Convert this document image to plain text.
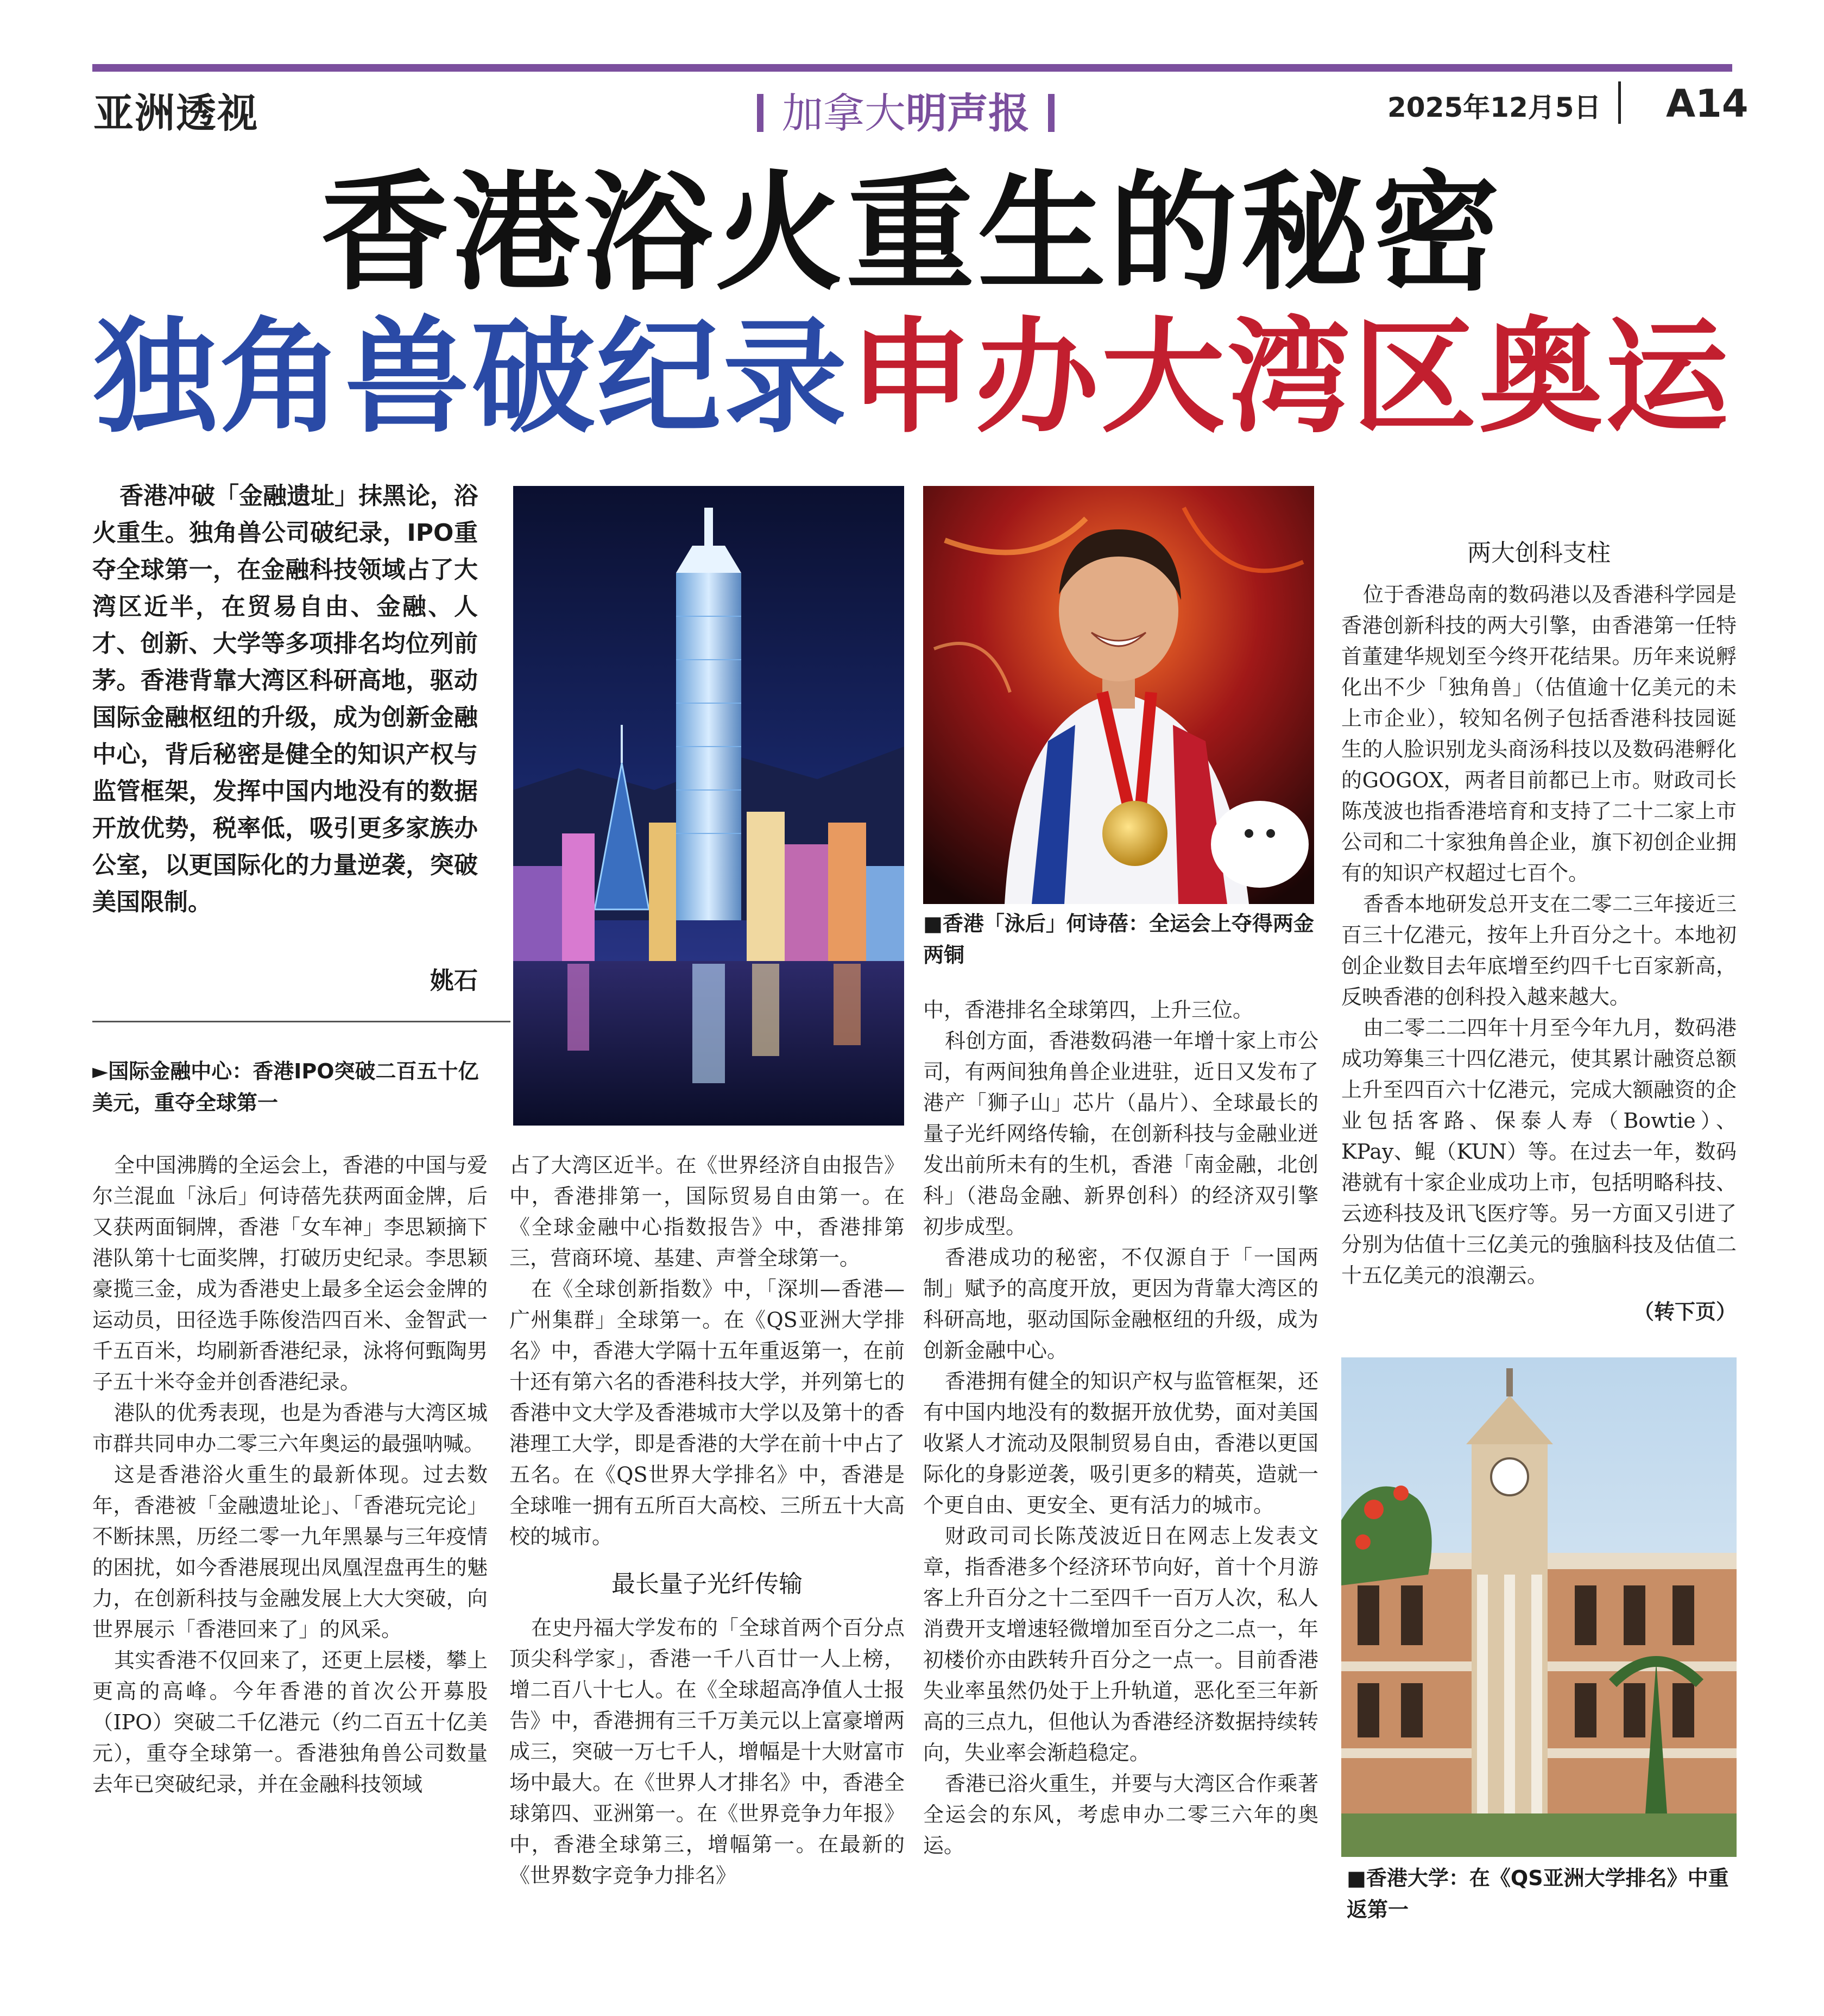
亚洲透视	加拿大明声报	2025年12月5日 A14
香港浴火重生的秘密
独角兽破纪录申办大湾区奥运
香港冲破「金融遗址」抹黑论，浴火重生。独角兽公司破纪录，IPO重夺全球第一，在金融科技领域占了大湾区近半，在贸易自由、金融、人才、创新、大学等多项排名均位列前茅。香港背靠大湾区科研高地，驱动国际金融枢纽的升级，成为创新金融中心，背后秘密是健全的知识产权与监管框架，发挥中国内地没有的数据开放优势，税率低，吸引更多家族办公室，以更国际化的力量逆袭，突破美国限制。
姚石
►国际金融中心：香港IPO突破二百五十亿美元，重夺全球第一
■香港「泳后」何诗蓓：全运会上夺得两金两铜

全中国沸腾的全运会上，香港的中国与爱尔兰混血「泳后」何诗蓓先获两面金牌，后又获两面铜牌，香港「女车神」李思颖摘下港队第十七面奖牌，打破历史纪录。李思颖豪揽三金，成为香港史上最多全运会金牌的运动员，田径选手陈俊浩四百米、金智武一千五百米，均刷新香港纪录，泳将何甄陶男子五十米夺金并创香港纪录。

港队的优秀表现，也是为香港与大湾区城市群共同申办二零三六年奥运的最强呐喊。

这是香港浴火重生的最新体现。过去数年，香港被「金融遗址论」、「香港玩完论」不断抹黑，历经二零一九年黑暴与三年疫情的困扰，如今香港展现出凤凰涅盘再生的魅力，在创新科技与金融发展上大大突破，向世界展示「香港回来了」的风采。

其实香港不仅回来了，还更上层楼，攀上更高的高峰。今年香港的首次公开募股（IPO）突破二千亿港元（约二百五十亿美元），重夺全球第一。香港独角兽公司数量去年已突破纪录，并在金融科技领域

占了大湾区近半。在《世界经济自由报告》中，香港排第一，国际贸易自由第一。在《全球金融中心指数报告》中，香港排第三，营商环境、基建、声誉全球第一。

在《全球创新指数》中，「深圳—香港—广州集群」全球第一。在《QS亚洲大学排名》中，香港大学隔十五年重返第一，在前十还有第六名的香港科技大学，并列第七的香港中文大学及香港城市大学以及第十的香港理工大学，即是香港的大学在前十中占了五名。在《QS世界大学排名》中，香港是全球唯一拥有五所百大高校、三所五十大高校的城市。

最长量子光纤传输

在史丹福大学发布的「全球首两个百分点顶尖科学家」，香港一千八百廿一人上榜，增二百八十七人。在《全球超高净值人士报告》中，香港拥有三千万美元以上富豪增两成三，突破一万七千人，增幅是十大财富市场中最大。在《世界人才排名》中，香港全球第四、亚洲第一。在《世界竞争力年报》中，香港全球第三，增幅第一。在最新的《世界数字竞争力排名》

中，香港排名全球第四，上升三位。

科创方面，香港数码港一年增十家上市公司，有两间独角兽企业进驻，近日又发布了港产「狮子山」芯片（晶片）、全球最长的量子光纤网络传输，在创新科技与金融业迸发出前所未有的生机，香港「南金融，北创科」（港岛金融、新界创科）的经济双引擎初步成型。

香港成功的秘密，不仅源自于「一国两制」赋予的高度开放，更因为背靠大湾区的科研高地，驱动国际金融枢纽的升级，成为创新金融中心。

香港拥有健全的知识产权与监管框架，还有中国内地没有的数据开放优势，面对美国收紧人才流动及限制贸易自由，香港以更国际化的身影逆袭，吸引更多的精英，造就一个更自由、更安全、更有活力的城市。

财政司司长陈茂波近日在网志上发表文章，指香港多个经济环节向好，首十个月游客上升百分之十二至四千一百万人次，私人消费开支增速轻微增加至百分之二点一，年初楼价亦由跌转升百分之一点一。目前香港失业率虽然仍处于上升轨道，恶化至三年新高的三点九，但他认为香港经济数据持续转向，失业率会渐趋稳定。

香港已浴火重生，并要与大湾区合作乘著全运会的东风，考虑申办二零三六年的奥运。

两大创科支柱

位于香港岛南的数码港以及香港科学园是香港创新科技的两大引擎，由香港第一任特首董建华规划至今终开花结果。历年来说孵化出不少「独角兽」（估值逾十亿美元的未上市企业），较知名例子包括香港科技园诞生的人脸识别龙头商汤科技以及数码港孵化的GOGOX，两者目前都已上市。财政司长陈茂波也指香港培育和支持了二十二家上市公司和二十家独角兽企业，旗下初创企业拥有的知识产权超过七百个。

香香本地研发总开支在二零二三年接近三百三十亿港元，按年上升百分之十。本地初创企业数目去年底增至约四千七百家新高，反映香港的创科投入越来越大。

由二零二二四年十月至今年九月，数码港成功筹集三十四亿港元，使其累计融资总额上升至四百六十亿港元，完成大额融资的企业包括客路、保泰人寿（Bowtie）、KPay、鲲（KUN）等。在过去一年，数码港就有十家企业成功上市，包括明略科技、云迹科技及讯飞医疗等。另一方面又引进了分别为估值十三亿美元的強脑科技及估值二十五亿美元的浪潮云。

（转下页）
■香港大学：在《QS亚洲大学排名》中重返第一
